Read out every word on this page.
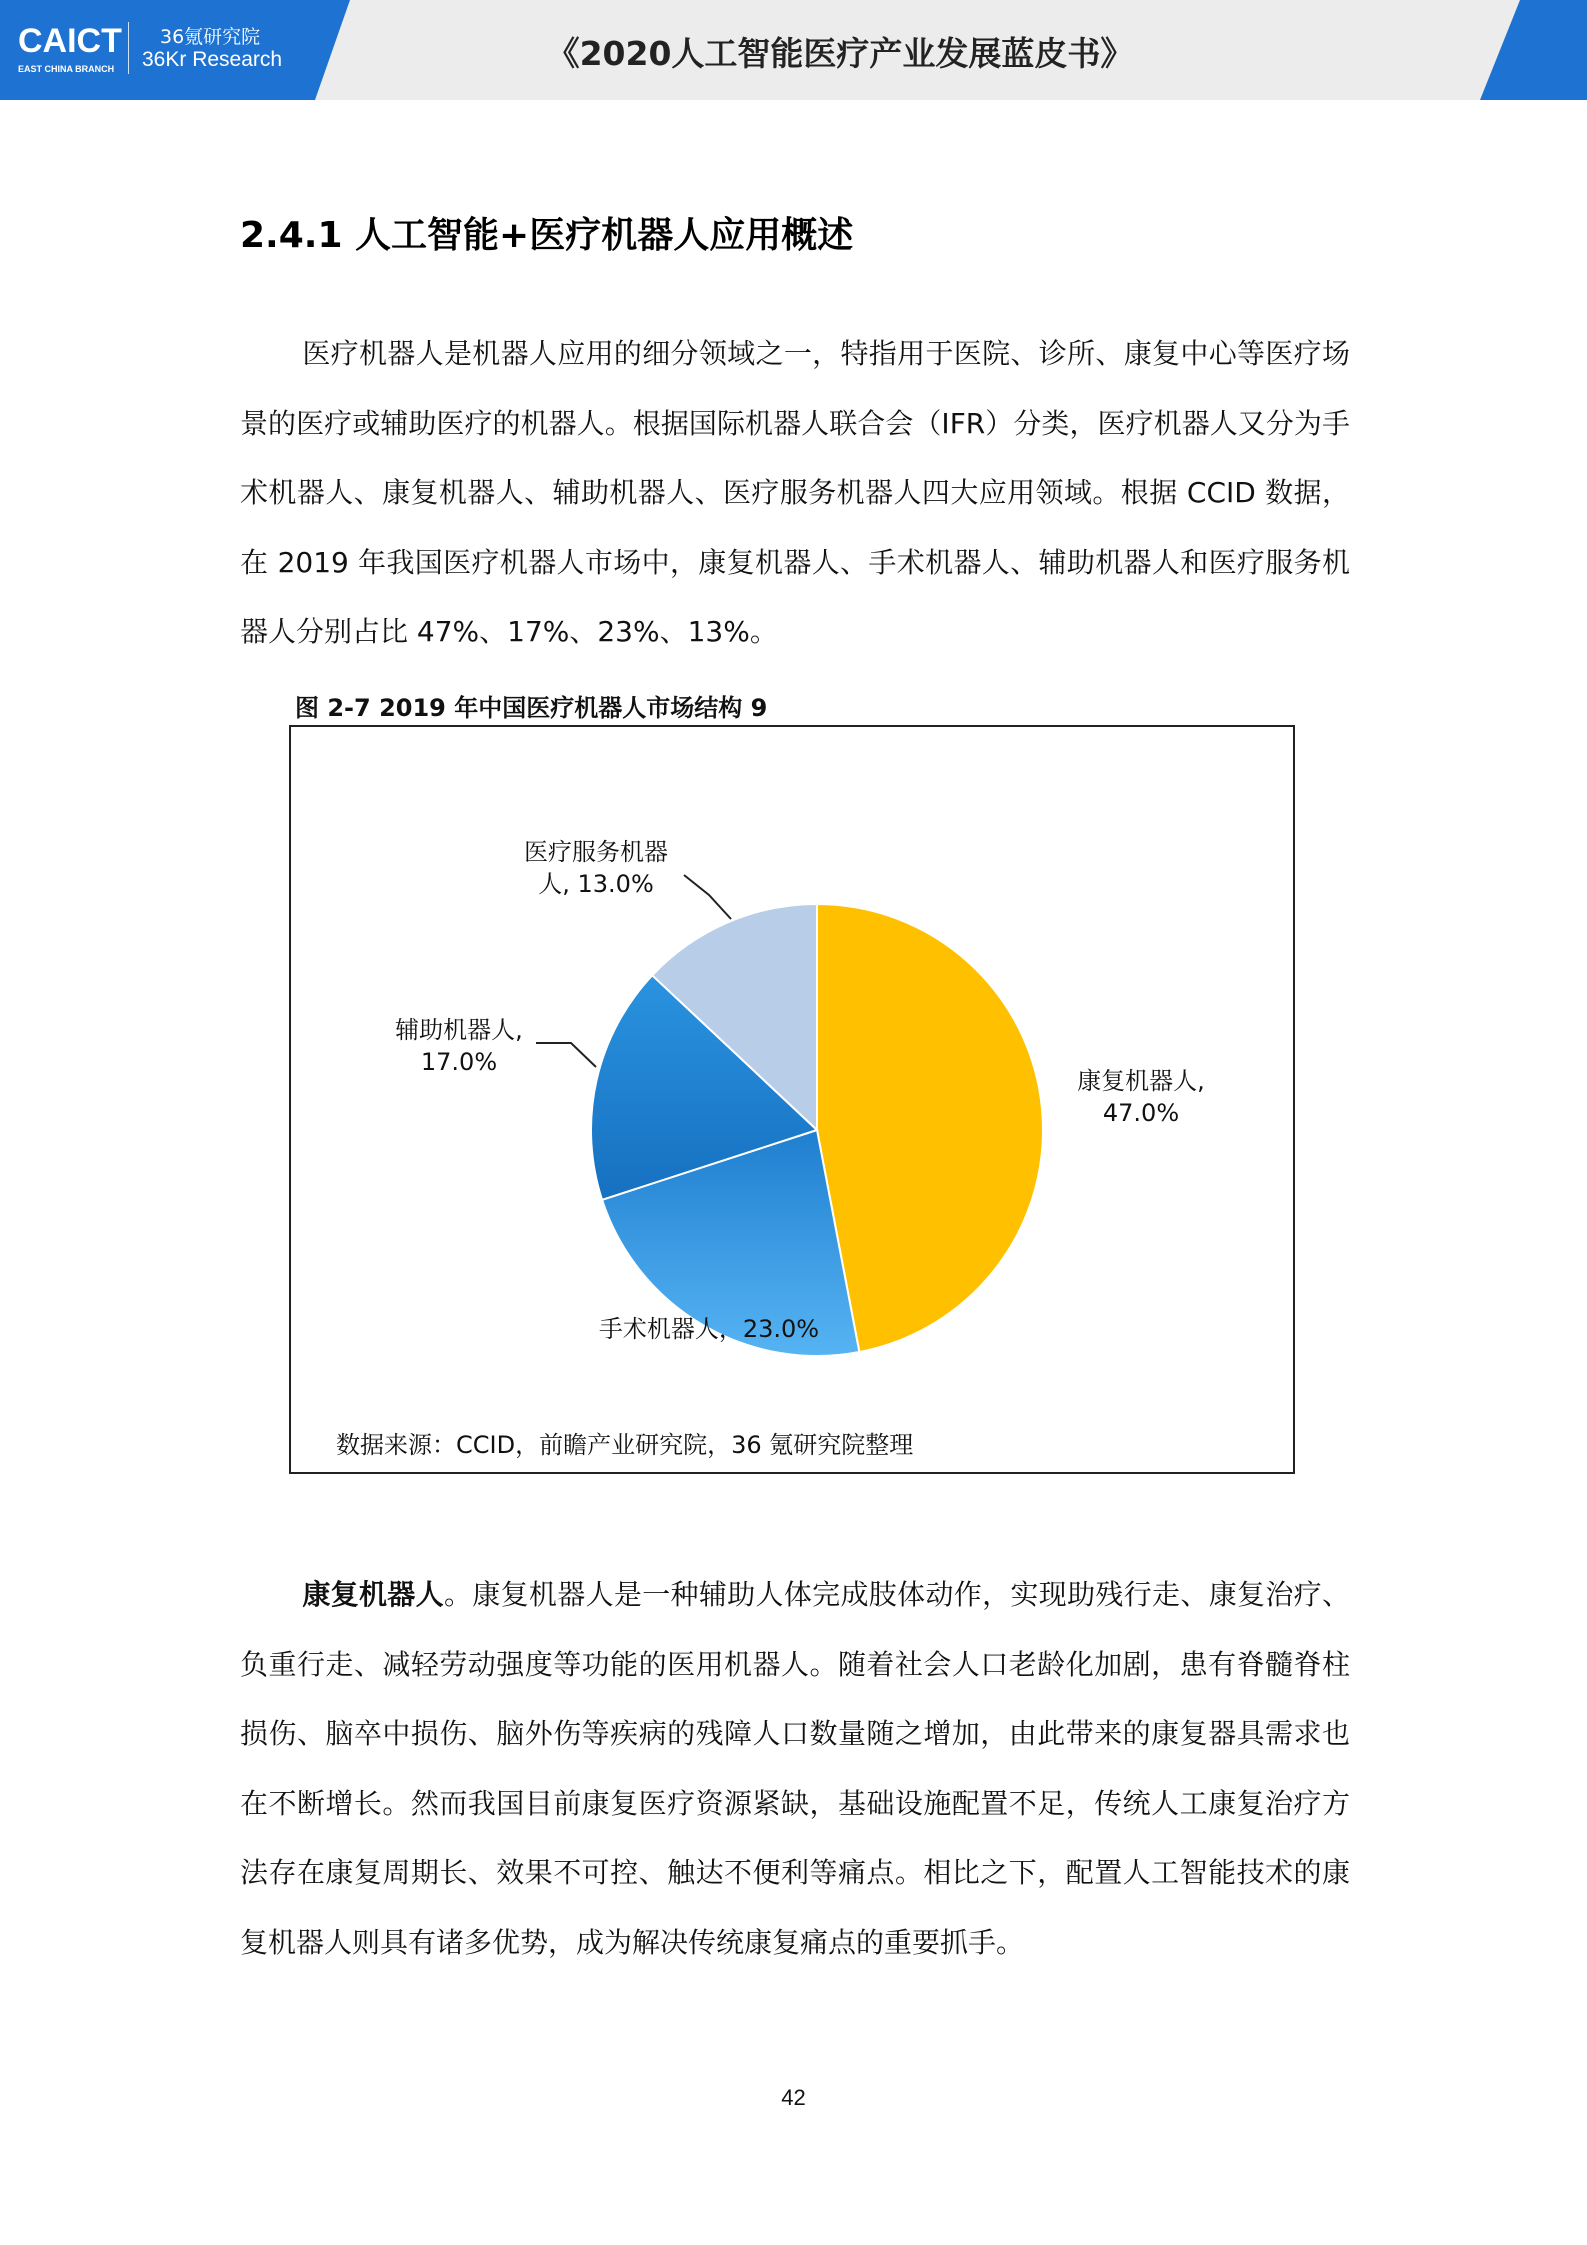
CAICT
EAST CHINA BRANCH
36氪研究院
36Kr Research	《2020人工智能医疗产业发展蓝皮书》
2.4.1 人工智能+医疗机器人应用概述

医疗机器人是机器人应用的细分领域之一，特指用于医院、诊所、康复中心等医疗场景的医疗或辅助医疗的机器人。根据国际机器人联合会（IFR）分类，医疗机器人又分为手术机器人、康复机器人、辅助机器人、医疗服务机器人四大应用领域。根据 CCID 数据，在 2019 年我国医疗机器人市场中，康复机器人、手术机器人、辅助机器人和医疗服务机器人分别占比 47%、17%、23%、13%。

图 2-7 2019 年中国医疗机器人市场结构 9
康复机器人, 47.0%
手术机器人，23.0%
辅助机器人, 17.0%
医疗服务机器人, 13.0%
数据来源：CCID，前瞻产业研究院，36 氪研究院整理

康复机器人。康复机器人是一种辅助人体完成肢体动作，实现助残行走、康复治疗、负重行走、减轻劳动强度等功能的医用机器人。随着社会人口老龄化加剧，患有脊髓脊柱损伤、脑卒中损伤、脑外伤等疾病的残障人口数量随之增加，由此带来的康复器具需求也在不断增长。然而我国目前康复医疗资源紧缺，基础设施配置不足，传统人工康复治疗方法存在康复周期长、效果不可控、触达不便利等痛点。相比之下，配置人工智能技术的康复机器人则具有诸多优势，成为解决传统康复痛点的重要抓手。

42
